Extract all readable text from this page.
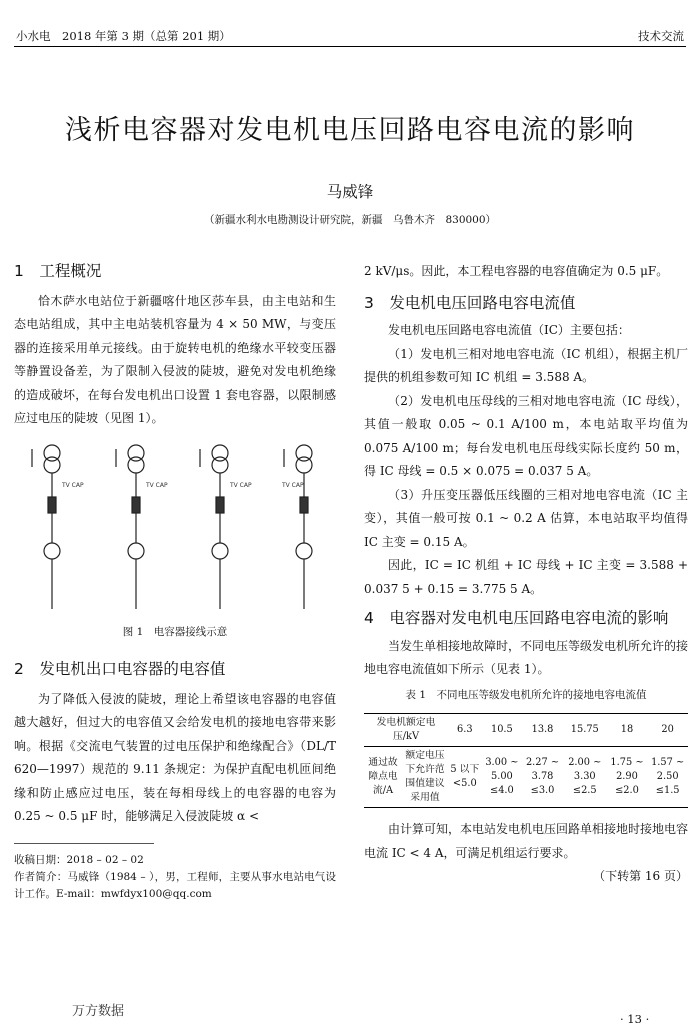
小水电　2018 年第 3 期（总第 201 期）	技术交流
浅析电容器对发电机电压回路电容电流的影响
马威锋
（新疆水利水电勘测设计研究院，新疆　乌鲁木齐　830000）

1　工程概况

恰木萨水电站位于新疆喀什地区莎车县，由主电站和生态电站组成，其中主电站装机容量为 4 × 50 MW，与变压器的连接采用单元接线。由于旋转电机的绝缘水平较变压器等静置设备差，为了限制入侵波的陡坡，避免对发电机绝缘的造成破坏，在每台发电机出口设置 1 套电容器，以限制感应过电压的陡坡（见图 1）。

TV CAP	TV CAP	TV CAP	TV CAP
图 1　电容器接线示意

2　发电机出口电容器的电容值

为了降低入侵波的陡坡，理论上希望该电容器的电容值越大越好，但过大的电容值又会给发电机的接地电容带来影响。根据《交流电气装置的过电压保护和绝缘配合》（DL/T 620—1997）规范的 9.11 条规定：为保护直配电机匝间绝缘和防止感应过电压，装在每相母线上的电容器的电容为 0.25 ~ 0.5 μF 时，能够满足入侵波陡坡 α <

收稿日期：2018 – 02 – 02

作者简介：马威锋（1984 – ），男，工程师，主要从事水电站电气设计工作。E-mail：mwfdyx100@qq.com

2 kV/μs。因此，本工程电容器的电容值确定为 0.5 μF。

3　发电机电压回路电容电流值

发电机电压回路电容电流值（IC）主要包括：

（1）发电机三相对地电容电流（IC 机组），根据主机厂提供的机组参数可知 IC 机组 = 3.588 A。

（2）发电机电压母线的三相对地电容电流（IC 母线），其值一般取 0.05 ~ 0.1 A/100 m，本电站取平均值为 0.075 A/100 m；每台发电机电压母线实际长度约 50 m，得 IC 母线 = 0.5 × 0.075 = 0.037 5 A。

（3）升压变压器低压线圈的三相对地电容电流（IC 主变），其值一般可按 0.1 ~ 0.2 A 估算，本电站取平均值得 IC 主变 = 0.15 A。

因此，IC = IC 机组 + IC 母线 + IC 主变 = 3.588 + 0.037 5 + 0.15 = 3.775 5 A。

4　电容器对发电机电压回路电容电流的影响

当发生单相接地故障时，不同电压等级发电机所允许的接地电容电流值如下所示（见表 1）。

表 1　不同电压等级发电机所允许的接地电容电流值
发电机额定电压/kV		6.3	10.5	13.8	15.75	18	20
通过故障点电流/A	额定电压下允许范围值建议采用值	5 以下 <5.0	3.00 ~ 5.00 ≤4.0	2.27 ~ 3.78 ≤3.0	2.00 ~ 3.30 ≤2.5	1.75 ~ 2.90 ≤2.0	1.57 ~ 2.50 ≤1.5

由计算可知，本电站发电机电压回路单相接地时接地电容电流 IC < 4 A，可满足机组运行要求。

（下转第 16 页）

万方数据	· 13 ·
